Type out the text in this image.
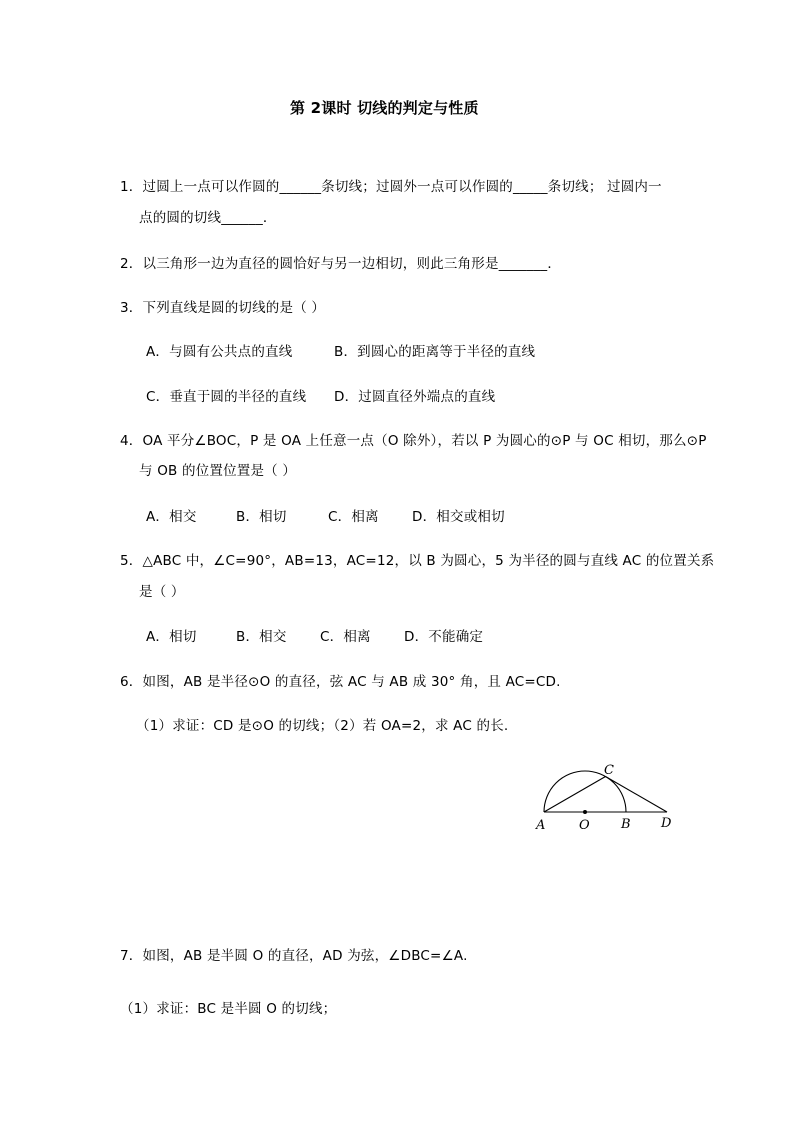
第 2课时 切线的判定与性质
1．过圆上一点可以作圆的______条切线；过圆外一点可以作圆的_____条切线； 过圆内一
点的圆的切线______．
2．以三角形一边为直径的圆恰好与另一边相切，则此三角形是_______．
3．下列直线是圆的切线的是（ ）
A．与圆有公共点的直线	B．到圆心的距离等于半径的直线
C．垂直于圆的半径的直线 D．过圆直径外端点的直线
4．OA 平分∠BOC，P 是 OA 上任意一点（O 除外），若以 P 为圆心的⊙P 与 OC 相切，那么⊙P
与 OB 的位置位置是（ ）
A．相交	B．相切	C．相离 D．相交或相切
5．△ABC 中，∠C=90°，AB=13，AC=12，以 B 为圆心，5 为半径的圆与直线 AC 的位置关系
是（ ）
A．相切	B．相交 C．相离 D．不能确定
6．如图，AB 是半径⊙O 的直径，弦 AC 与 AB 成 30° 角，且 AC=CD.
（1）求证：CD 是⊙O 的切线；（2）若 OA=2，求 AC 的长.
A	O B D
C
7．如图，AB 是半圆 O 的直径，AD 为弦，∠DBC=∠A.
（1）求证：BC 是半圆 O 的切线；
